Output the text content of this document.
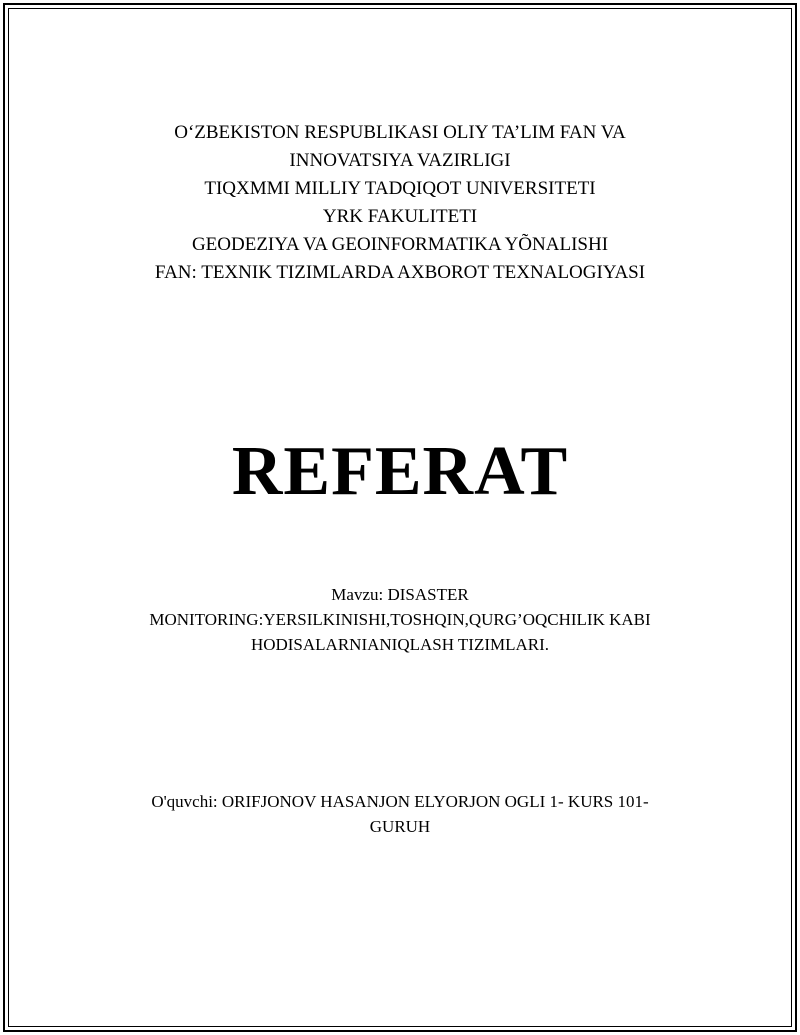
O‘ZBEKISTON RESPUBLIKASI OLIY TA’LIM FAN VA
INNOVATSIYA VAZIRLIGI
TIQXMMI MILLIY TADQIQOT UNIVERSITETI
YRK FAKULITETI
GEODEZIYA VA GEOINFORMATIKA YÕNALISHI
FAN: TEXNIK TIZIMLARDA AXBOROT TEXNALOGIYASI
REFERAT
Mavzu: DISASTER
MONITORING:YERSILKINISHI,TOSHQIN,QURG’OQCHILIK KABI
HODISALARNIANIQLASH TIZIMLARI.
O'quvchi: ORIFJONOV HASANJON ELYORJON OGLI 1- KURS 101-
GURUH
